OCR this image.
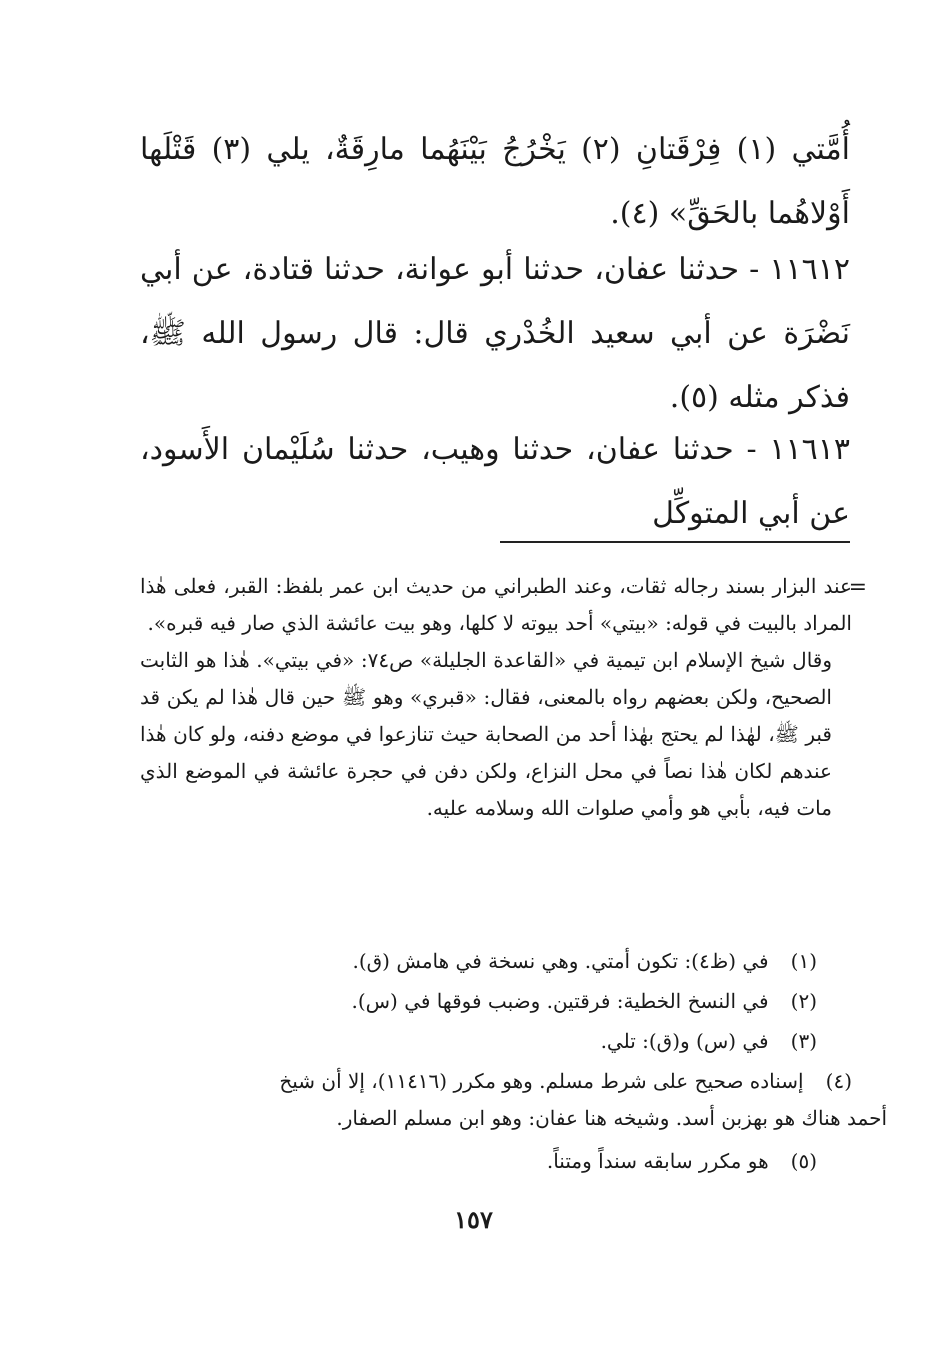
أُمَّتي (١) فِرْقَتانِ (٢) يَخْرُجُ بَيْنَهُما مارِقَةٌ، يلي (٣) قَتْلَها أَوْلاهُما بالحَقِّ» (٤).
١١٦١٢ - حدثنا عفان، حدثنا أبو عوانة، حدثنا قتادة، عن أبي نَضْرَة عن أبي سعيد الخُدْري قال: قال رسول الله ﷺ، فذكر مثله (٥).
١١٦١٣ - حدثنا عفان، حدثنا وهيب، حدثنا سُلَيْمان الأَسود، عن أبي المتوكِّل
=
عند البزار بسند رجاله ثقات، وعند الطبراني من حديث ابن عمر بلفظ: القبر، فعلى هٰذا المراد بالبيت في قوله: «بيتي» أحد بيوته لا كلها، وهو بيت عائشة الذي صار فيه قبره».
وقال شيخ الإسلام ابن تيمية في «القاعدة الجليلة» ص٧٤: «في بيتي». هٰذا هو الثابت الصحيح، ولكن بعضهم رواه بالمعنى، فقال: «قبري» وهو ﷺ حين قال هٰذا لم يكن قد قبر ﷺ، لهٰذا لم يحتج بهٰذا أحد من الصحابة حيث تنازعوا في موضع دفنه، ولو كان هٰذا عندهم لكان هٰذا نصاً في محل النزاع، ولكن دفن في حجرة عائشة في الموضع الذي مات فيه، بأبي هو وأمي صلوات الله وسلامه عليه.
(١)في (ظ٤): تكون أمتي. وهي نسخة في هامش (ق).
(٢)في النسخ الخطية: فرقتين. وضبب فوقها في (س).
(٣)في (س) و(ق): تلي.
(٤)إسناده صحيح على شرط مسلم. وهو مكرر (١١٤١٦)، إلا أن شيخ
أحمد هناك هو بهزبن أسد. وشيخه هنا عفان: وهو ابن مسلم الصفار.
(٥)هو مكرر سابقه سنداً ومتناً.
١٥٧
